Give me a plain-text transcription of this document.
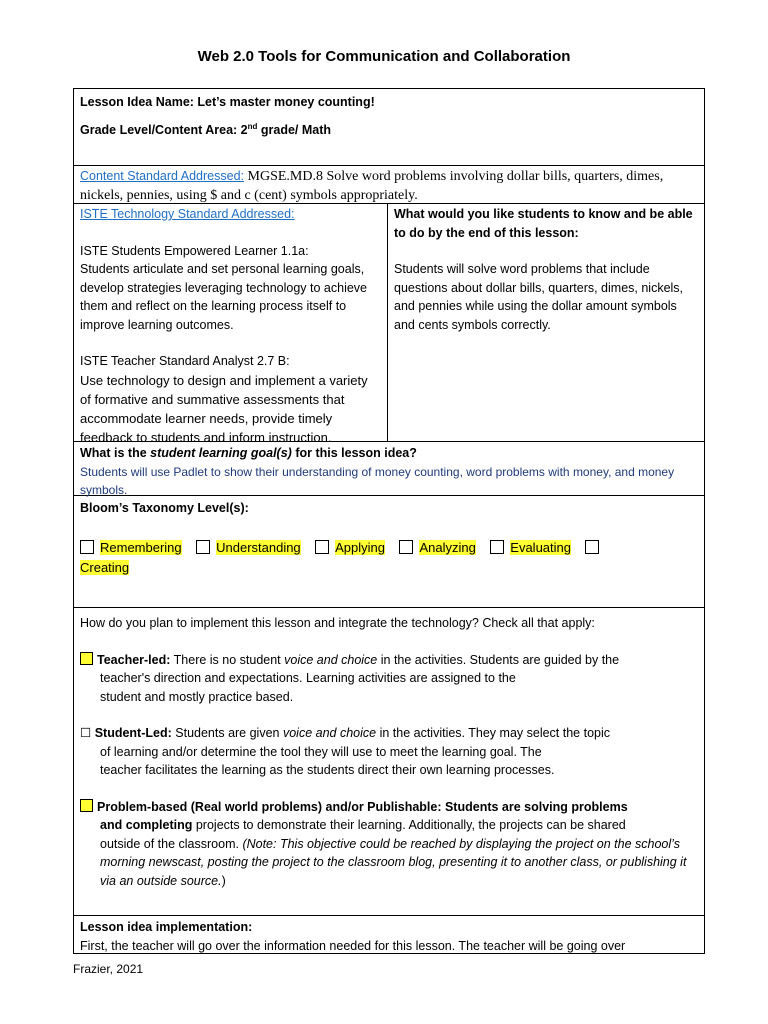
Web 2.0 Tools for Communication and Collaboration
Lesson Idea Name: Let’s master money counting!
Grade Level/Content Area: 2nd grade/ Math
Content Standard Addressed: MGSE.MD.8 Solve word problems involving dollar bills, quarters, dimes, nickels, pennies, using $ and c (cent) symbols appropriately.
ISTE Technology Standard Addressed:
ISTE Students Empowered Learner 1.1a:
Students articulate and set personal learning goals, develop strategies leveraging technology to achieve them and reflect on the learning process itself to improve learning outcomes.
ISTE Teacher Standard Analyst 2.7 B:
Use technology to design and implement a variety of formative and summative assessments that accommodate learner needs, provide timely feedback to students and inform instruction.
What would you like students to know and be able to do by the end of this lesson:
Students will solve word problems that include questions about dollar bills, quarters, dimes, nickels, and pennies while using the dollar amount symbols and cents symbols correctly.
What is the student learning goal(s) for this lesson idea?
Students will use Padlet to show their understanding of money counting, word problems with money, and money symbols.
Bloom’s Taxonomy Level(s):
Remembering	Understanding	Applying	Analyzing	Evaluating
Creating
How do you plan to implement this lesson and integrate the technology? Check all that apply:
Teacher-led: There is no student voice and choice in the activities. Students are guided by the
teacher's direction and expectations. Learning activities are assigned to the
student and mostly practice based.
☐ Student-Led: Students are given voice and choice in the activities. They may select the topic
of learning and/or determine the tool they will use to meet the learning goal. The
teacher facilitates the learning as the students direct their own learning processes.
Problem-based (Real world problems) and/or Publishable: Students are solving problems
and completing projects to demonstrate their learning. Additionally, the projects can be shared
outside of the classroom. (Note: This objective could be reached by displaying the project on the school’s morning newscast, posting the project to the classroom blog, presenting it to another class, or publishing it via an outside source.)
Lesson idea implementation:
First, the teacher will go over the information needed for this lesson. The teacher will be going over
Frazier, 2021
